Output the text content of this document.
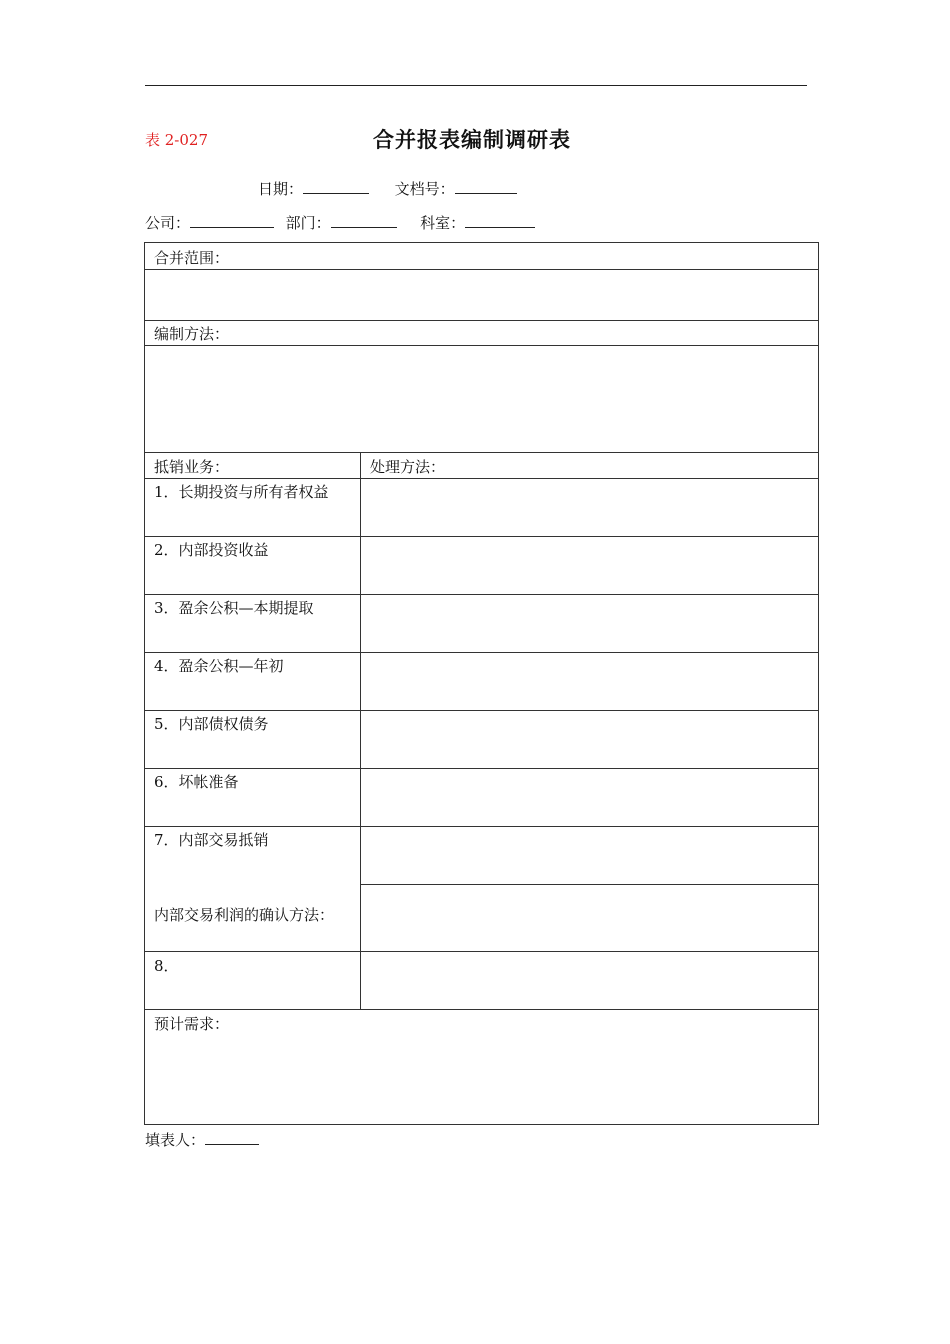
表 2-027	合并报表编制调研表
日期：	文档号：
公司：	部门：	科室：
合并范围：
编制方法：
抵销业务：	处理方法：
1．长期投资与所有者权益
2．内部投资收益
3．盈余公积—本期提取
4．盈余公积—年初
5．内部债权债务
6．坏帐准备
7．内部交易抵销
内部交易利润的确认方法：
8．
预计需求：
填表人：
